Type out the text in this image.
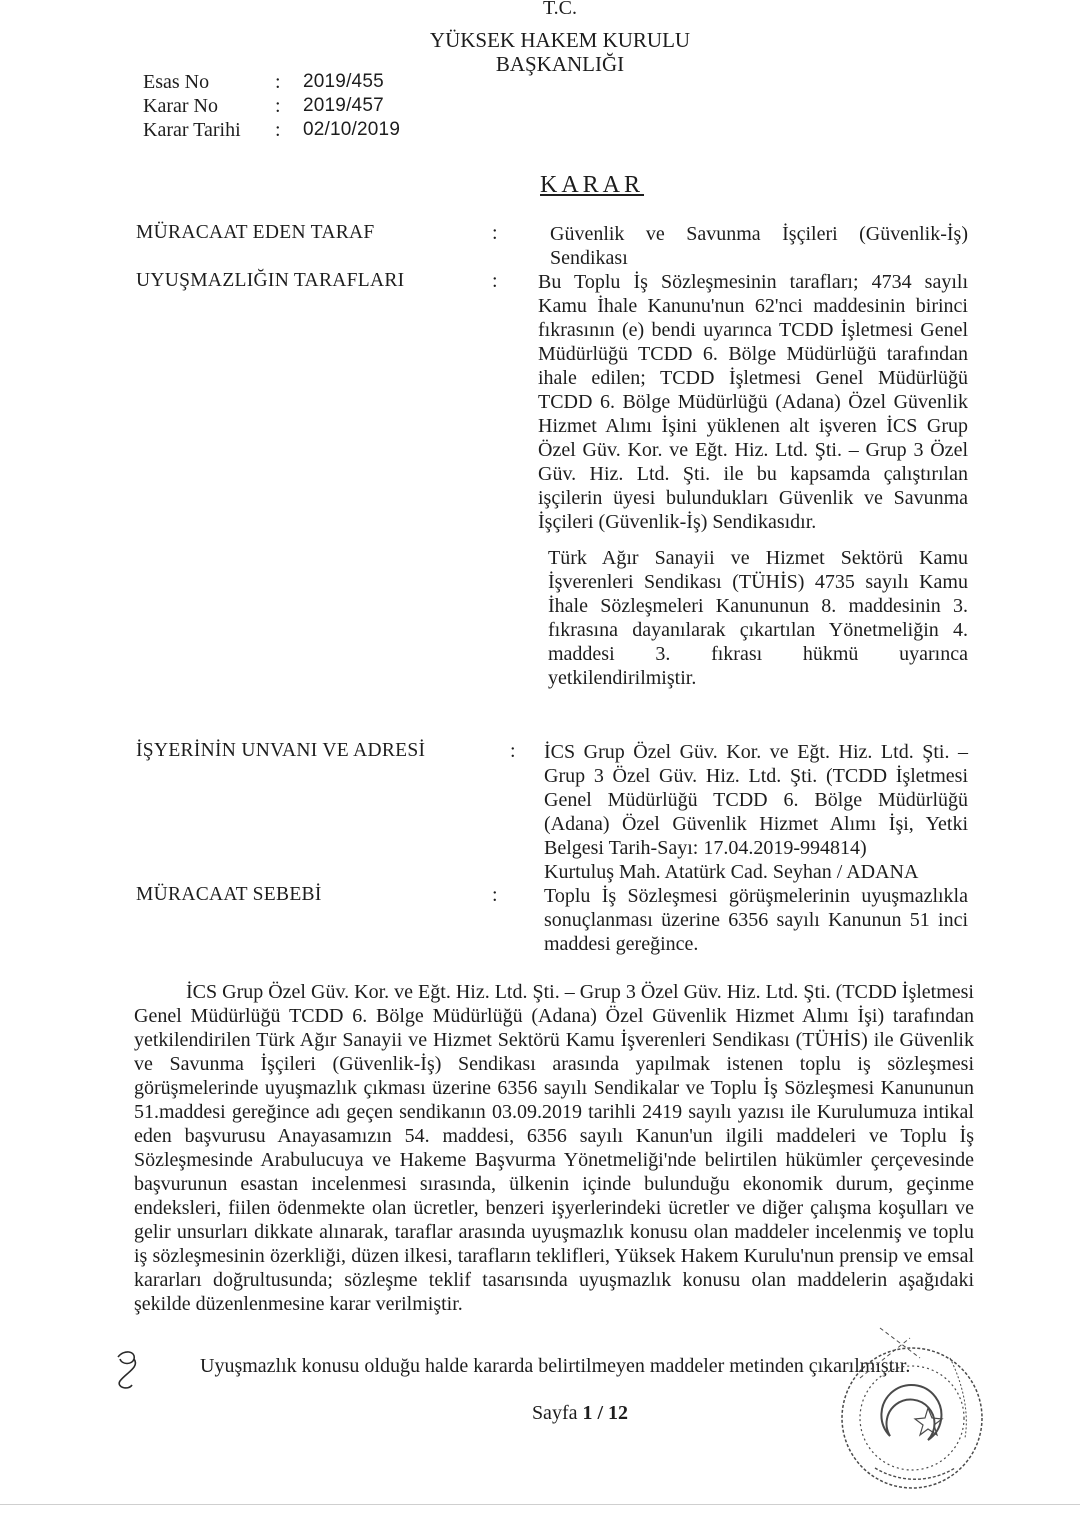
T.C.
YÜKSEK HAKEM KURULU
BAŞKANLIĞI
Esas No	:	2019/455
Karar No	:	2019/457
Karar Tarihi	:	02/10/2019
KARAR
MÜRACAAT EDEN TARAF	:	Güvenlik ve Savunma İşçileri (Güvenlik-İş) Sendikası
UYUŞMAZLIĞIN TARAFLARI	: Bu Toplu İş Sözleşmesinin tarafları; 4734 sayılı Kamu İhale Kanunu'nun 62'nci maddesinin birinci fıkrasının (e) bendi uyarınca TCDD İşletmesi Genel Müdürlüğü TCDD 6. Bölge Müdürlüğü tarafından ihale edilen; TCDD İşletmesi Genel Müdürlüğü TCDD 6. Bölge Müdürlüğü (Adana) Özel Güvenlik Hizmet Alımı İşini yüklenen alt işveren İCS Grup Özel Güv. Kor. ve Eğt. Hiz. Ltd. Şti. – Grup 3 Özel Güv. Hiz. Ltd. Şti. ile bu kapsamda çalıştırılan işçilerin üyesi bulundukları Güvenlik ve Savunma İşçileri (Güvenlik-İş) Sendikasıdır.

Türk Ağır Sanayii ve Hizmet Sektörü Kamu İşverenleri Sendikası (TÜHİS) 4735 sayılı Kamu İhale Sözleşmeleri Kanununun 8. maddesinin 3. fıkrasına dayanılarak çıkartılan Yönetmeliğin 4. maddesi 3. fıkrası hükmü uyarınca yetkilendirilmiştir.

İŞYERİNİN UNVANI VE ADRESİ	: İCS Grup Özel Güv. Kor. ve Eğt. Hiz. Ltd. Şti. – Grup 3 Özel Güv. Hiz. Ltd. Şti. (TCDD İşletmesi Genel Müdürlüğü TCDD 6. Bölge Müdürlüğü (Adana) Özel Güvenlik Hizmet Alımı İşi, Yetki Belgesi Tarih-Sayı: 17.04.2019-994814)
Kurtuluş Mah. Atatürk Cad. Seyhan / ADANA
MÜRACAAT SEBEBİ	: Toplu İş Sözleşmesi görüşmelerinin uyuşmazlıkla sonuçlanması üzerine 6356 sayılı Kanunun 51 inci maddesi gereğince.

İCS Grup Özel Güv. Kor. ve Eğt. Hiz. Ltd. Şti. – Grup 3 Özel Güv. Hiz. Ltd. Şti. (TCDD İşletmesi Genel Müdürlüğü TCDD 6. Bölge Müdürlüğü (Adana) Özel Güvenlik Hizmet Alımı İşi) tarafından yetkilendirilen Türk Ağır Sanayii ve Hizmet Sektörü Kamu İşverenleri Sendikası (TÜHİS) ile Güvenlik ve Savunma İşçileri (Güvenlik-İş) Sendikası arasında yapılmak istenen toplu iş sözleşmesi görüşmelerinde uyuşmazlık çıkması üzerine 6356 sayılı Sendikalar ve Toplu İş Sözleşmesi Kanununun 51.maddesi gereğince adı geçen sendikanın 03.09.2019 tarihli 2419 sayılı yazısı ile Kurulumuza intikal eden başvurusu Anayasamızın 54. maddesi, 6356 sayılı Kanun'un ilgili maddeleri ve Toplu İş Sözleşmesinde Arabulucuya ve Hakeme Başvurma Yönetmeliği'nde belirtilen hükümler çerçevesinde başvurunun esastan incelenmesi sırasında, ülkenin içinde bulunduğu ekonomik durum, geçinme endeksleri, fiilen ödenmekte olan ücretler, benzeri işyerlerindeki ücretler ve diğer çalışma koşulları ve gelir unsurları dikkate alınarak, taraflar arasında uyuşmazlık konusu olan maddeler incelenmiş ve toplu iş sözleşmesinin özerkliği, düzen ilkesi, tarafların teklifleri, Yüksek Hakem Kurulu'nun prensip ve emsal kararları doğrultusunda; sözleşme teklif tasarısında uyuşmazlık konusu olan maddelerin aşağıdaki şekilde düzenlenmesine karar verilmiştir.

Uyuşmazlık konusu olduğu halde kararda belirtilmeyen maddeler metinden çıkarılmıştır.
Sayfa 1 / 12
